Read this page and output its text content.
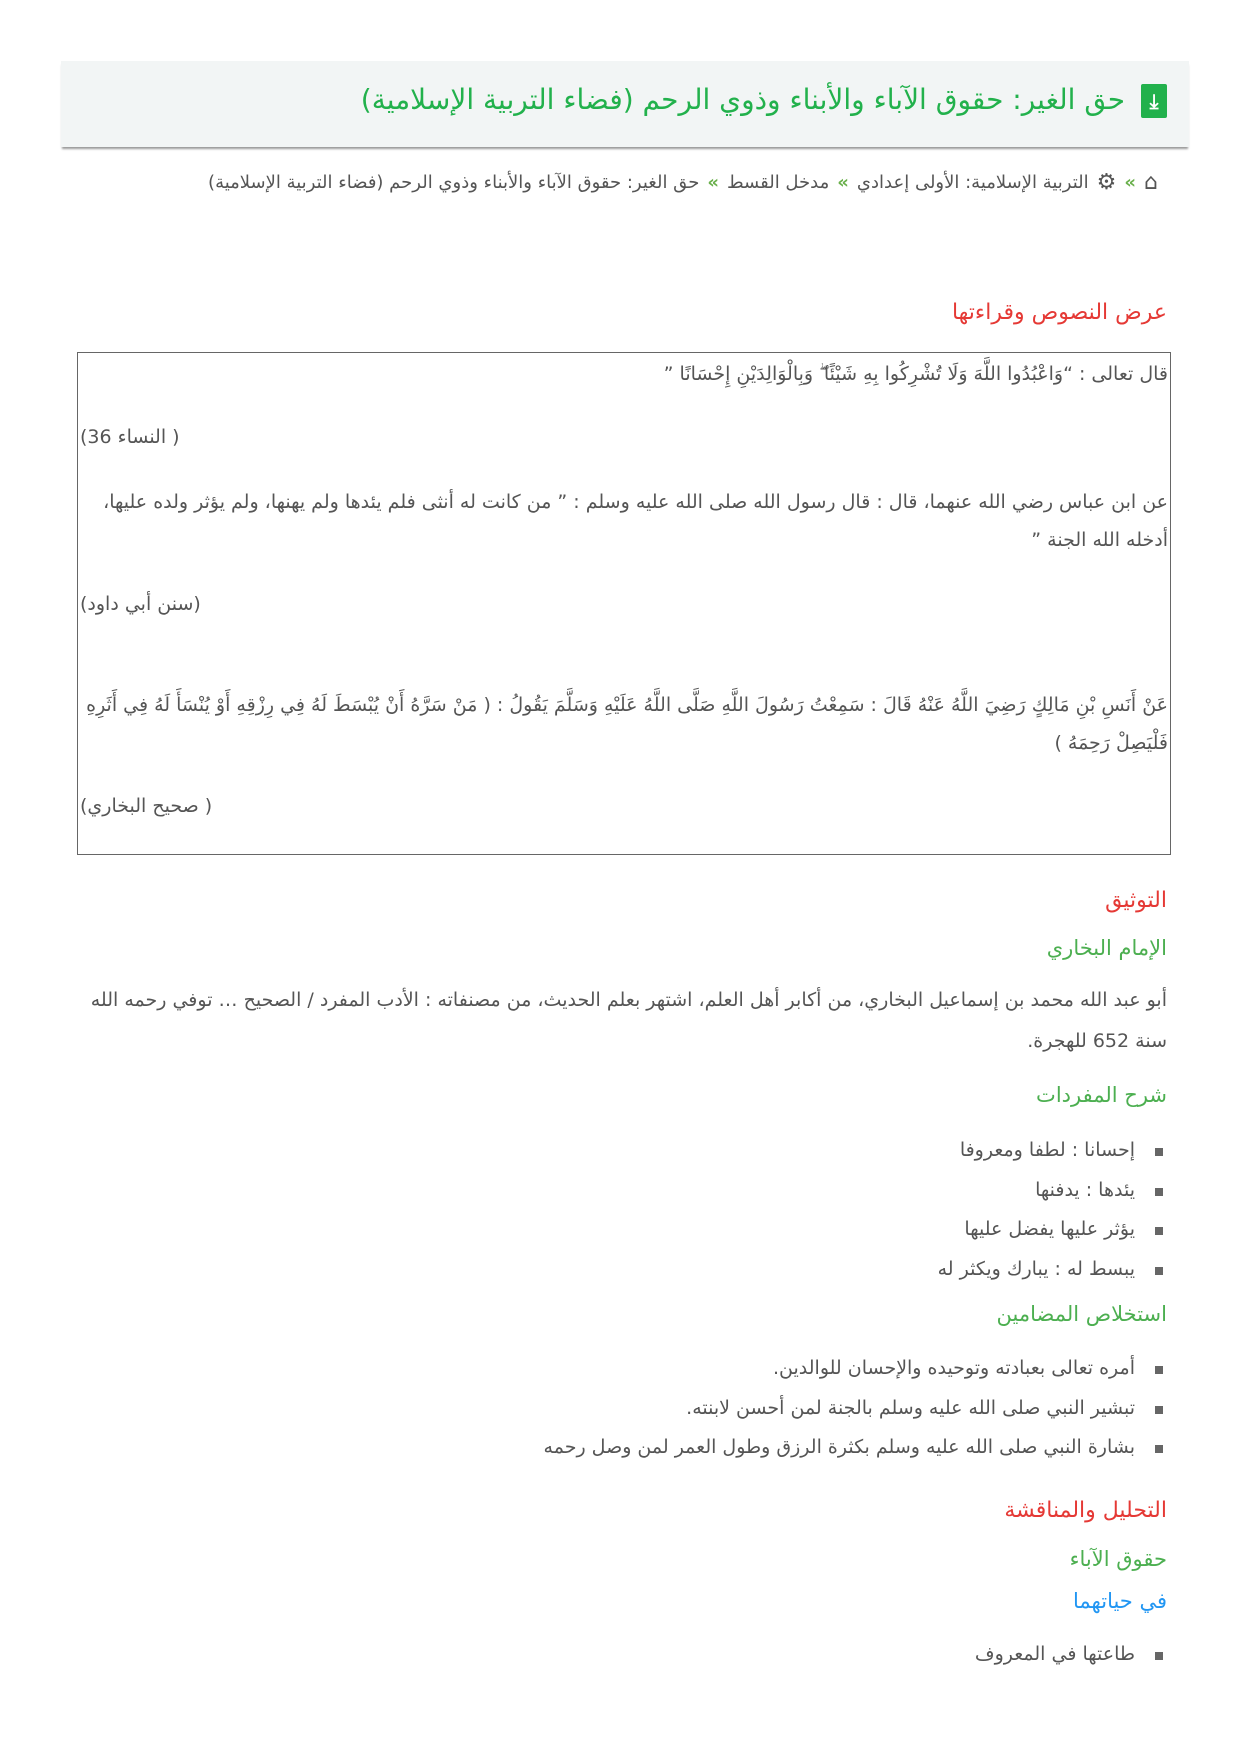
⤓
حق الغير: حقوق الآباء والأبناء وذوي الرحم (فضاء التربية الإسلامية)
⌂
»
⚙
التربية الإسلامية: الأولى إعدادي
»
مدخل القسط
»
حق الغير: حقوق الآباء والأبناء وذوي الرحم (فضاء التربية الإسلامية)
عرض النصوص وقراءتها

قال تعالى : “وَاعْبُدُوا اللَّهَ وَلَا تُشْرِكُوا بِهِ شَيْئًا ۖ وَبِالْوَالِدَيْنِ إِحْسَانًا ”

( النساء 36)

عن ابن عباس رضي الله عنهما، قال : قال رسول الله صلى الله عليه وسلم : ” من كانت له أنثى فلم يئدها ولم يهنها، ولم يؤثر ولده عليها، أدخله الله الجنة ”

(سنن أبي داود)

عَنْ أَنَسِ بْنِ مَالِكٍ رَضِيَ اللَّهُ عَنْهُ قَالَ : سَمِعْتُ رَسُولَ اللَّهِ صَلَّى اللَّهُ عَلَيْهِ وَسَلَّمَ يَقُولُ : ( مَنْ سَرَّهُ أَنْ يُبْسَطَ لَهُ فِي رِزْقِهِ أَوْ يُنْسَأَ لَهُ فِي أَثَرِهِ فَلْيَصِلْ رَحِمَهُ )

( صحيح البخاري)

التوثيق
الإمام البخاري
أبو عبد الله محمد بن إسماعيل البخاري، من أكابر أهل العلم، اشتهر بعلم الحديث، من مصنفاته : الأدب المفرد / الصحيح … توفي رحمه الله سنة 652 للهجرة.
شرح المفردات
إحسانا : لطفا ومعروفا
يئدها : يدفنها
يؤثر عليها يفضل عليها
يبسط له : يبارك ويكثر له
استخلاص المضامين
أمره تعالى بعبادته وتوحيده والإحسان للوالدين.
تبشير النبي صلى الله عليه وسلم بالجنة لمن أحسن لابنته.
بشارة النبي صلى الله عليه وسلم بكثرة الرزق وطول العمر لمن وصل رحمه
التحليل والمناقشة
حقوق الآباء
في حياتهما
طاعتها في المعروف
